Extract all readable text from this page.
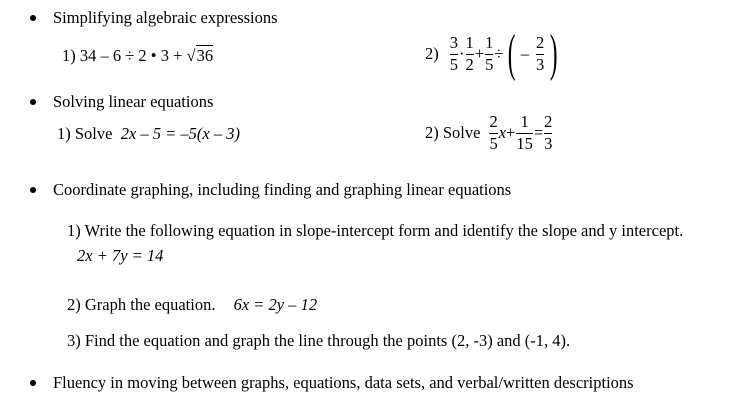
Simplifying algebraic expressions
1) 34 – 6 ÷ 2 • 3 + √36	$2) \frac{3}{5} \cdot \frac{1}{2} + \frac{1}{5}$ ÷ ( – $\frac{2}{3}$ )
Solving linear equations
1) Solve 2x – 5 = –5(x – 3)	2) Solve $\frac{2}{5}$ $x + \frac{1}{15} = \frac{2}{3}$
Coordinate graphing, including finding and graphing linear equations
1) Write the following equation in slope-intercept form and identify the slope and y intercept.
2x + 7y = 14
2) Graph the equation. 6x = 2y – 12
3) Find the equation and graph the line through the points (2, -3) and (-1, 4).
Fluency in moving between graphs, equations, data sets, and verbal/written descriptions
